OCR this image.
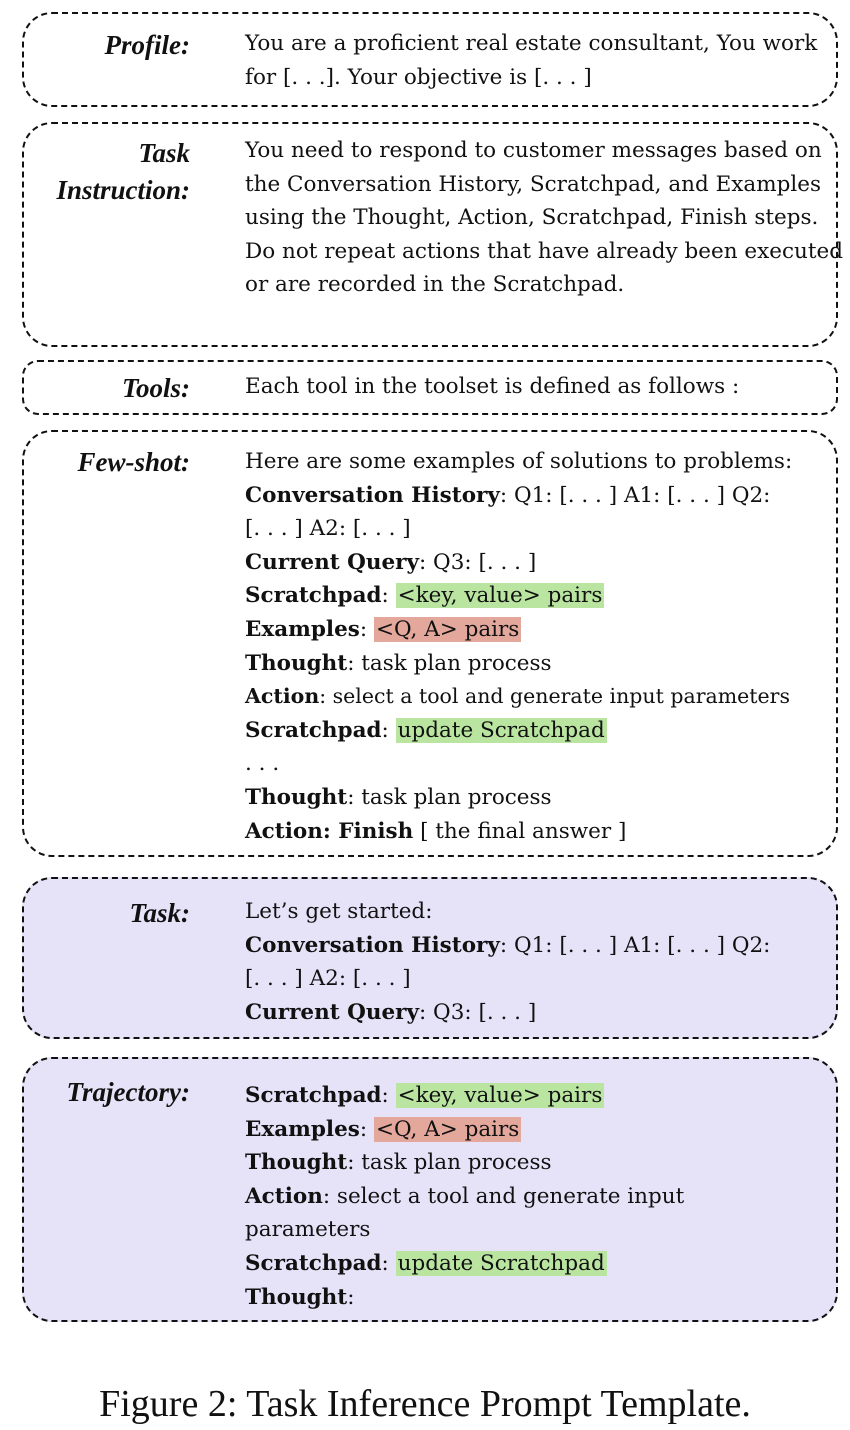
Profile:	You are a proficient real estate consultant, You work for [. . .]. Your objective is [. . . ]
Task
Instruction:
You need to respond to customer messages based on the Conversation History, Scratchpad, and Examples using the Thought, Action, Scratchpad, Finish steps. Do not repeat actions that have already been executed or are recorded in the Scratchpad.
Tools:	Each tool in the toolset is defined as follows :
Few-shot:	Here are some examples of solutions to problems:
Conversation History: Q1: [. . . ] A1: [. . . ] Q2:
[. . . ] A2: [. . . ]
Current Query: Q3: [. . . ]
Scratchpad: <key, value> pairs
Examples: <Q, A> pairs
Thought: task plan process
Action: select a tool and generate input parameters
Scratchpad: update Scratchpad
. . .
Thought: task plan process
Action: Finish [ the final answer ]
Task:	Let’s get started:
Conversation History: Q1: [. . . ] A1: [. . . ] Q2:
[. . . ] A2: [. . . ]
Current Query: Q3: [. . . ]
Trajectory:	Scratchpad: <key, value> pairs
Examples: <Q, A> pairs
Thought: task plan process
Action: select a tool and generate input
parameters
Scratchpad: update Scratchpad
Thought:
Figure 2: Task Inference Prompt Template.
